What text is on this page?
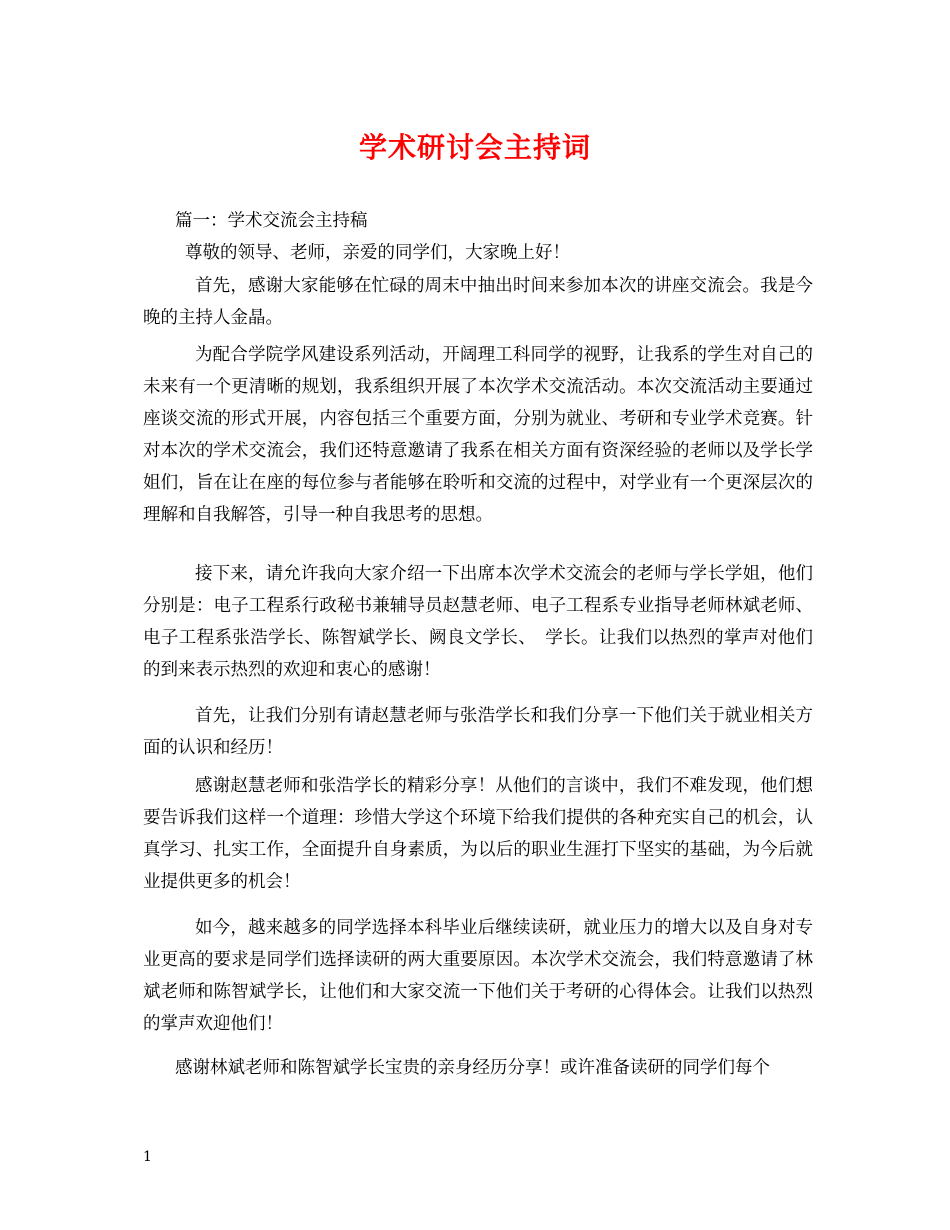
学术研讨会主持词

篇一：学术交流会主持稿

尊敬的领导、老师，亲爱的同学们，大家晚上好！

首先，感谢大家能够在忙碌的周末中抽出时间来参加本次的讲座交流会。我是今晚的主持人金晶。

为配合学院学风建设系列活动，开阔理工科同学的视野，让我系的学生对自己的未来有一个更清晰的规划，我系组织开展了本次学术交流活动。本次交流活动主要通过座谈交流的形式开展，内容包括三个重要方面，分别为就业、考研和专业学术竞赛。针对本次的学术交流会，我们还特意邀请了我系在相关方面有资深经验的老师以及学长学姐们，旨在让在座的每位参与者能够在聆听和交流的过程中，对学业有一个更深层次的理解和自我解答，引导一种自我思考的思想。

接下来，请允许我向大家介绍一下出席本次学术交流会的老师与学长学姐，他们分别是：电子工程系行政秘书兼辅导员赵慧老师、电子工程系专业指导老师林斌老师、电子工程系张浩学长、陈智斌学长、阙良文学长、　学长。让我们以热烈的掌声对他们的到来表示热烈的欢迎和衷心的感谢！

首先，让我们分别有请赵慧老师与张浩学长和我们分享一下他们关于就业相关方面的认识和经历！

感谢赵慧老师和张浩学长的精彩分享！从他们的言谈中，我们不难发现，他们想要告诉我们这样一个道理：珍惜大学这个环境下给我们提供的各种充实自己的机会，认真学习、扎实工作，全面提升自身素质，为以后的职业生涯打下坚实的基础，为今后就业提供更多的机会！

如今，越来越多的同学选择本科毕业后继续读研，就业压力的增大以及自身对专业更高的要求是同学们选择读研的两大重要原因。本次学术交流会，我们特意邀请了林斌老师和陈智斌学长，让他们和大家交流一下他们关于考研的心得体会。让我们以热烈的掌声欢迎他们！

感谢林斌老师和陈智斌学长宝贵的亲身经历分享！或许准备读研的同学们每个

1
